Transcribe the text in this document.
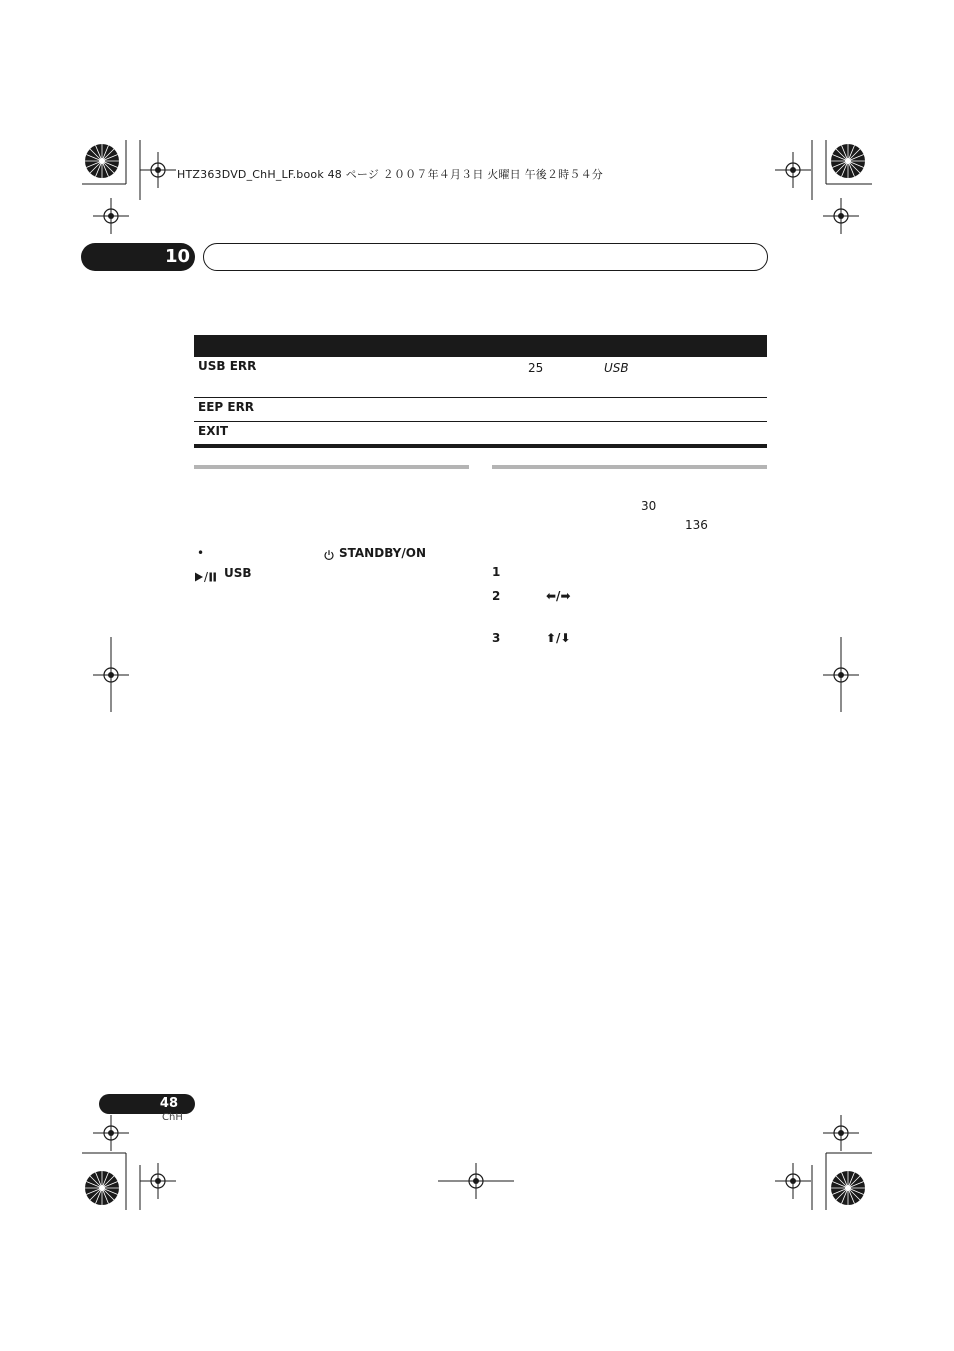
HTZ363DVD_ChH_LF.book 48 ページ ２００７年４月３日 火曜日 午後２時５４分
10
USB ERR	25	USB
EEP ERR
EXIT
•	STANDBY/ON
USB
30
136
1
2	⬅/➡
3	⬆/⬇
48
ChH
